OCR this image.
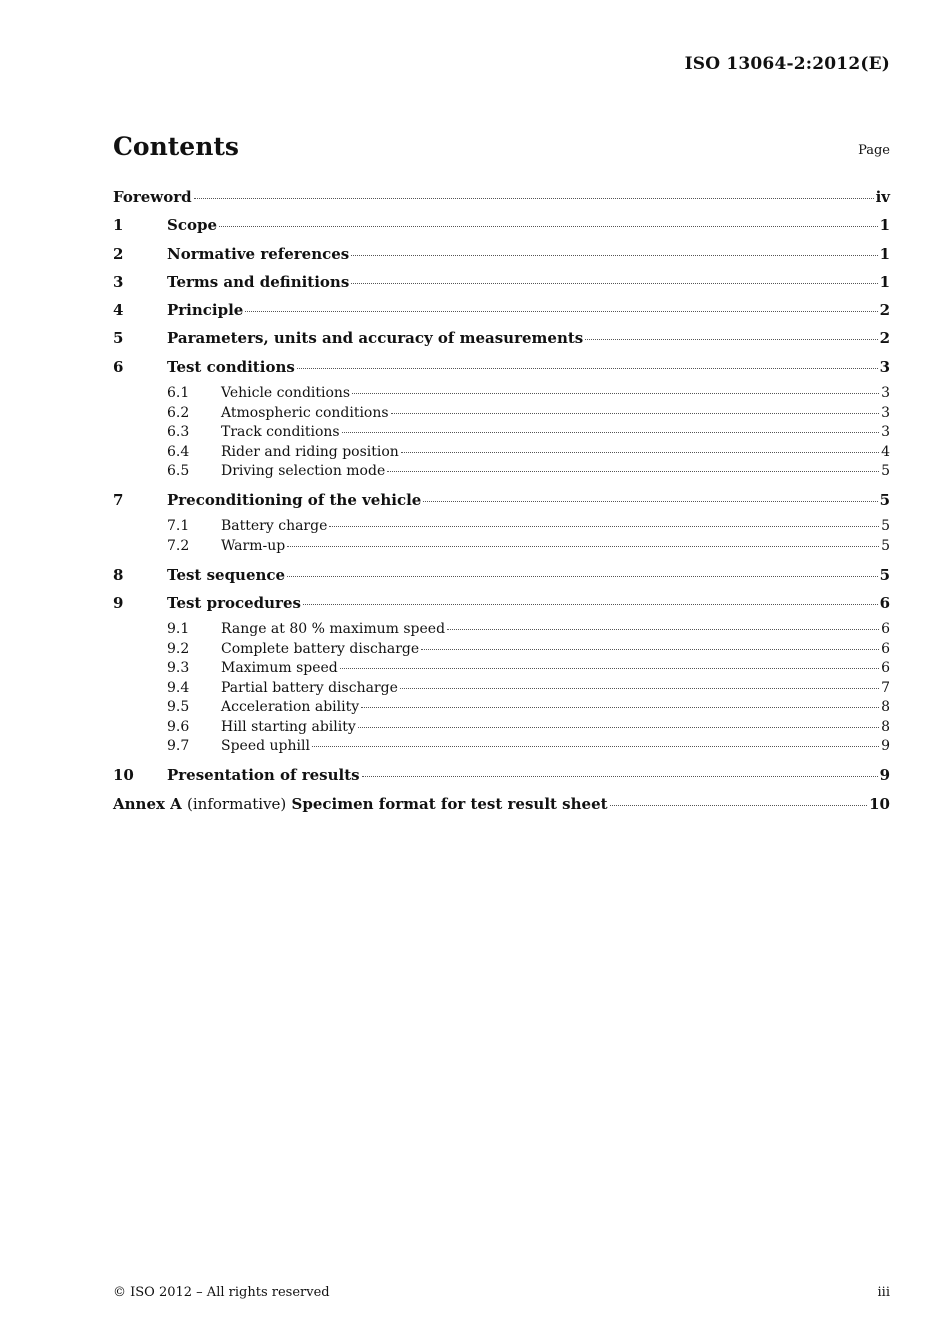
ISO 13064-2:2012(E)
Contents	Page
Foreword	iv
1	Scope	1
2	Normative references	1
3	Terms and definitions	1
4	Principle	2
5	Parameters, units and accuracy of measurements	2
6	Test conditions	3
6.1	Vehicle conditions	3
6.2	Atmospheric conditions	3
6.3	Track conditions	3
6.4	Rider and riding position	4
6.5	Driving selection mode	5
7	Preconditioning of the vehicle	5
7.1	Battery charge	5
7.2	Warm-up	5
8	Test sequence	5
9	Test procedures	6
9.1	Range at 80 % maximum speed	6
9.2	Complete battery discharge	6
9.3	Maximum speed	6
9.4	Partial battery discharge	7
9.5	Acceleration ability	8
9.6	Hill starting ability	8
9.7	Speed uphill	9
10	Presentation of results	9
Annex A
(informative)
Specimen format for test result sheet	10
© ISO 2012 – All rights reserved	iii
